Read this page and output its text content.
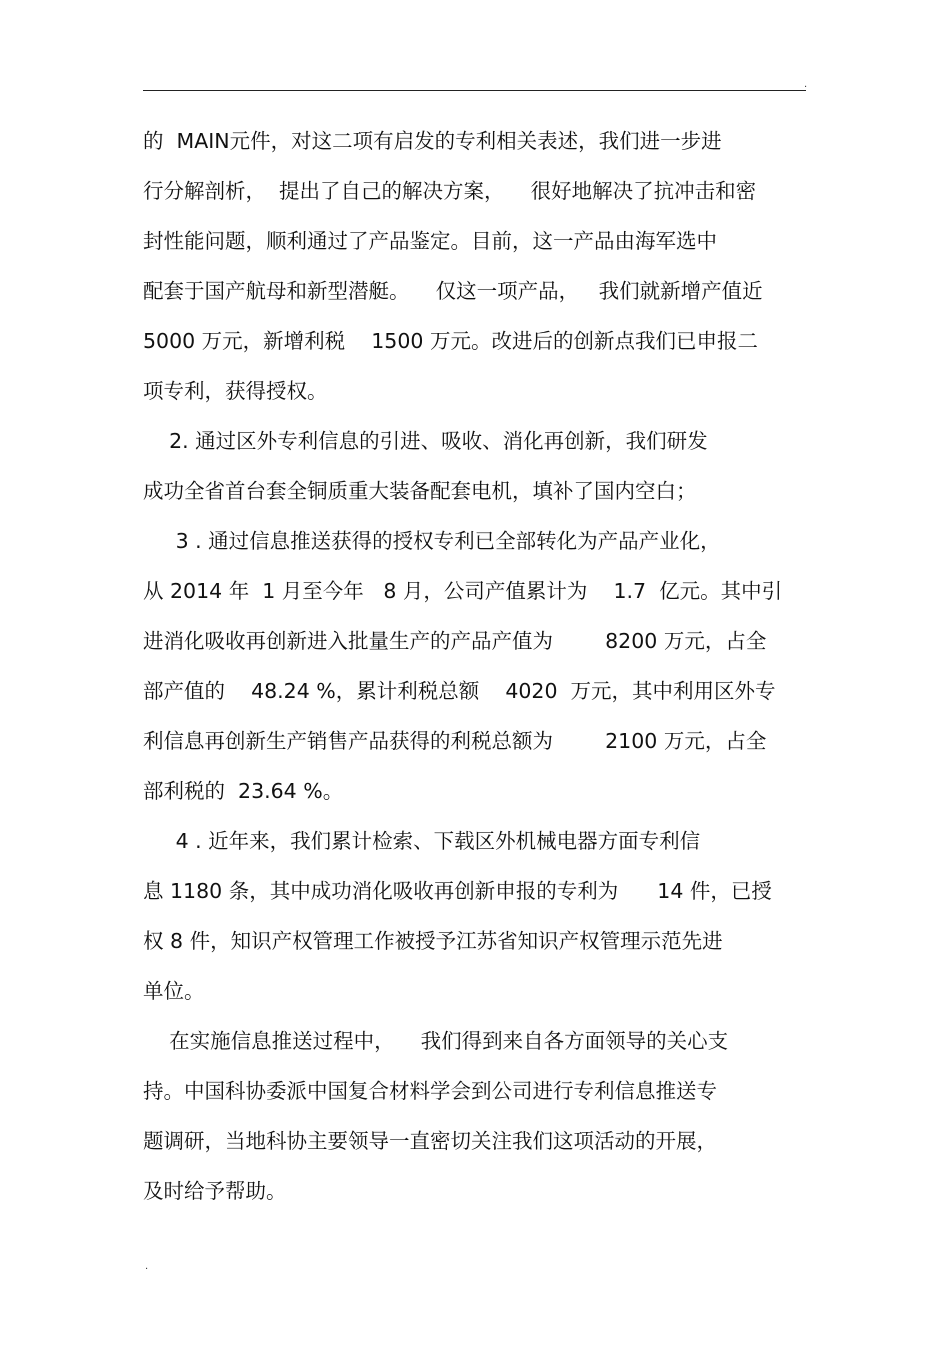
.
的  MAIN元件，对这二项有启发的专利相关表述，我们进一步进
行分解剖析，  提出了自己的解决方案，    很好地解决了抗冲击和密
封性能问题，顺利通过了产品鉴定。目前，这一产品由海军选中
配套于国产航母和新型潜艇。    仅这一项产品，   我们就新增产值近
5000 万元，新增利税    1500 万元。改进后的创新点我们已申报二
项专利，获得授权。
2. 通过区外专利信息的引进、吸收、消化再创新，我们研发
成功全省首台套全铜质重大装备配套电机，填补了国内空白；
3 . 通过信息推送获得的授权专利已全部转化为产品产业化，
从 2014 年  1 月至今年   8 月，公司产值累计为    1.7  亿元。其中引
进消化吸收再创新进入批量生产的产品产值为        8200 万元，占全
部产值的    48.24 %，累计利税总额    4020  万元，其中利用区外专
利信息再创新生产销售产品获得的利税总额为        2100 万元，占全
部利税的  23.64 %。
4 . 近年来，我们累计检索、下载区外机械电器方面专利信
息 1180 条，其中成功消化吸收再创新申报的专利为      14 件，已授
权 8 件，知识产权管理工作被授予江苏省知识产权管理示范先进
单位。
在实施信息推送过程中，    我们得到来自各方面领导的关心支
持。中国科协委派中国复合材料学会到公司进行专利信息推送专
题调研，当地科协主要领导一直密切关注我们这项活动的开展，
及时给予帮助。
.
